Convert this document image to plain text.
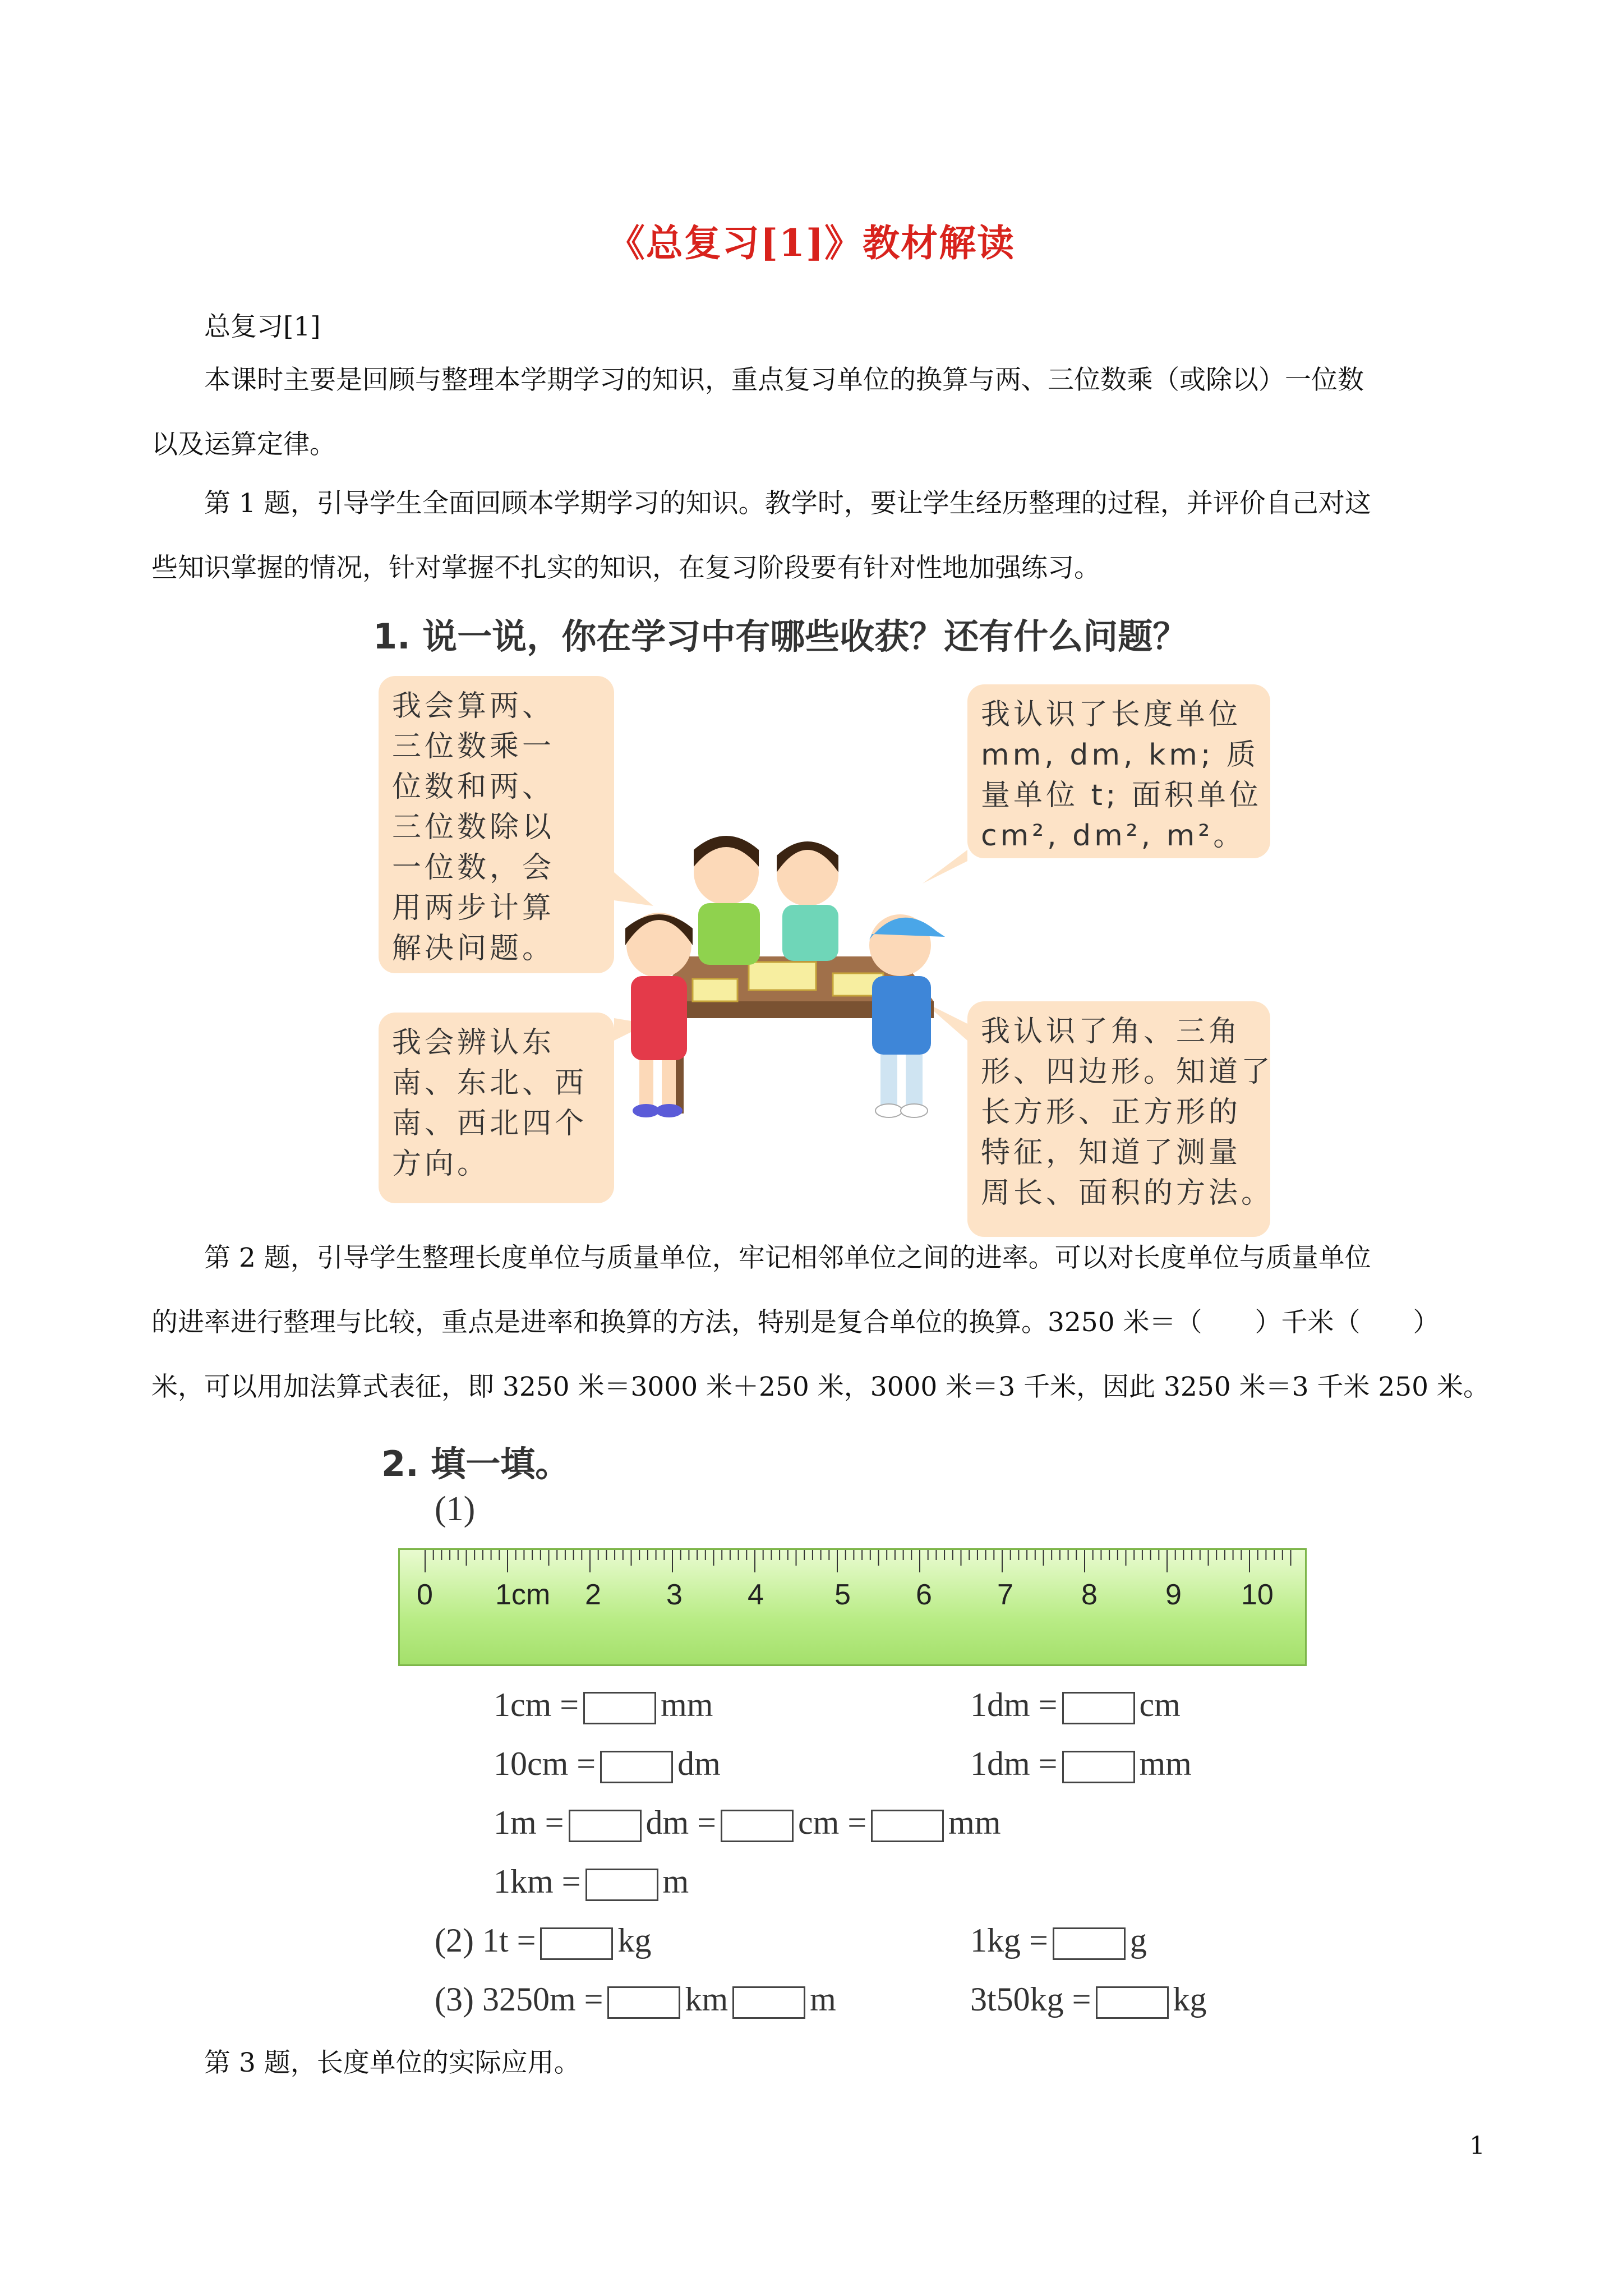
《总复习[1]》教材解读
总复习[1]
本课时主要是回顾与整理本学期学习的知识，重点复习单位的换算与两、三位数乘（或除以）一位数
以及运算定律。
第 1 题，引导学生全面回顾本学期学习的知识。教学时，要让学生经历整理的过程，并评价自己对这
些知识掌握的情况，针对掌握不扎实的知识，在复习阶段要有针对性地加强练习。
1. 说一说，你在学习中有哪些收获？还有什么问题？
我会算两、
三位数乘一
位数和两、
三位数除以
一位数，会
用两步计算
解决问题。
我认识了长度单位
mm, dm, km; 质
量单位 t; 面积单位
cm², dm², m²。
我会辨认东
南、东北、西
南、西北四个
方向。
我认识了角、三角
形、四边形。知道了
长方形、正方形的
特征，知道了测量
周长、面积的方法。
第 2 题，引导学生整理长度单位与质量单位，牢记相邻单位之间的进率。可以对长度单位与质量单位
的进率进行整理与比较，重点是进率和换算的方法，特别是复合单位的换算。3250 米＝（　　）千米（　　）
米，可以用加法算式表征，即 3250 米＝3000 米＋250 米，3000 米＝3 千米，因此 3250 米＝3 千米 250 米。
2. 填一填。
(1)
0 1cm 2 3 4 5 6 7 8 9 10
1cm = mm	1dm = cm
10cm = dm	1dm = mm
1m = dm = cm = mm
1km = m
(2) 1t = kg	1kg = g
(3) 3250m = km m	3t50kg = kg
第 3 题，长度单位的实际应用。
1
